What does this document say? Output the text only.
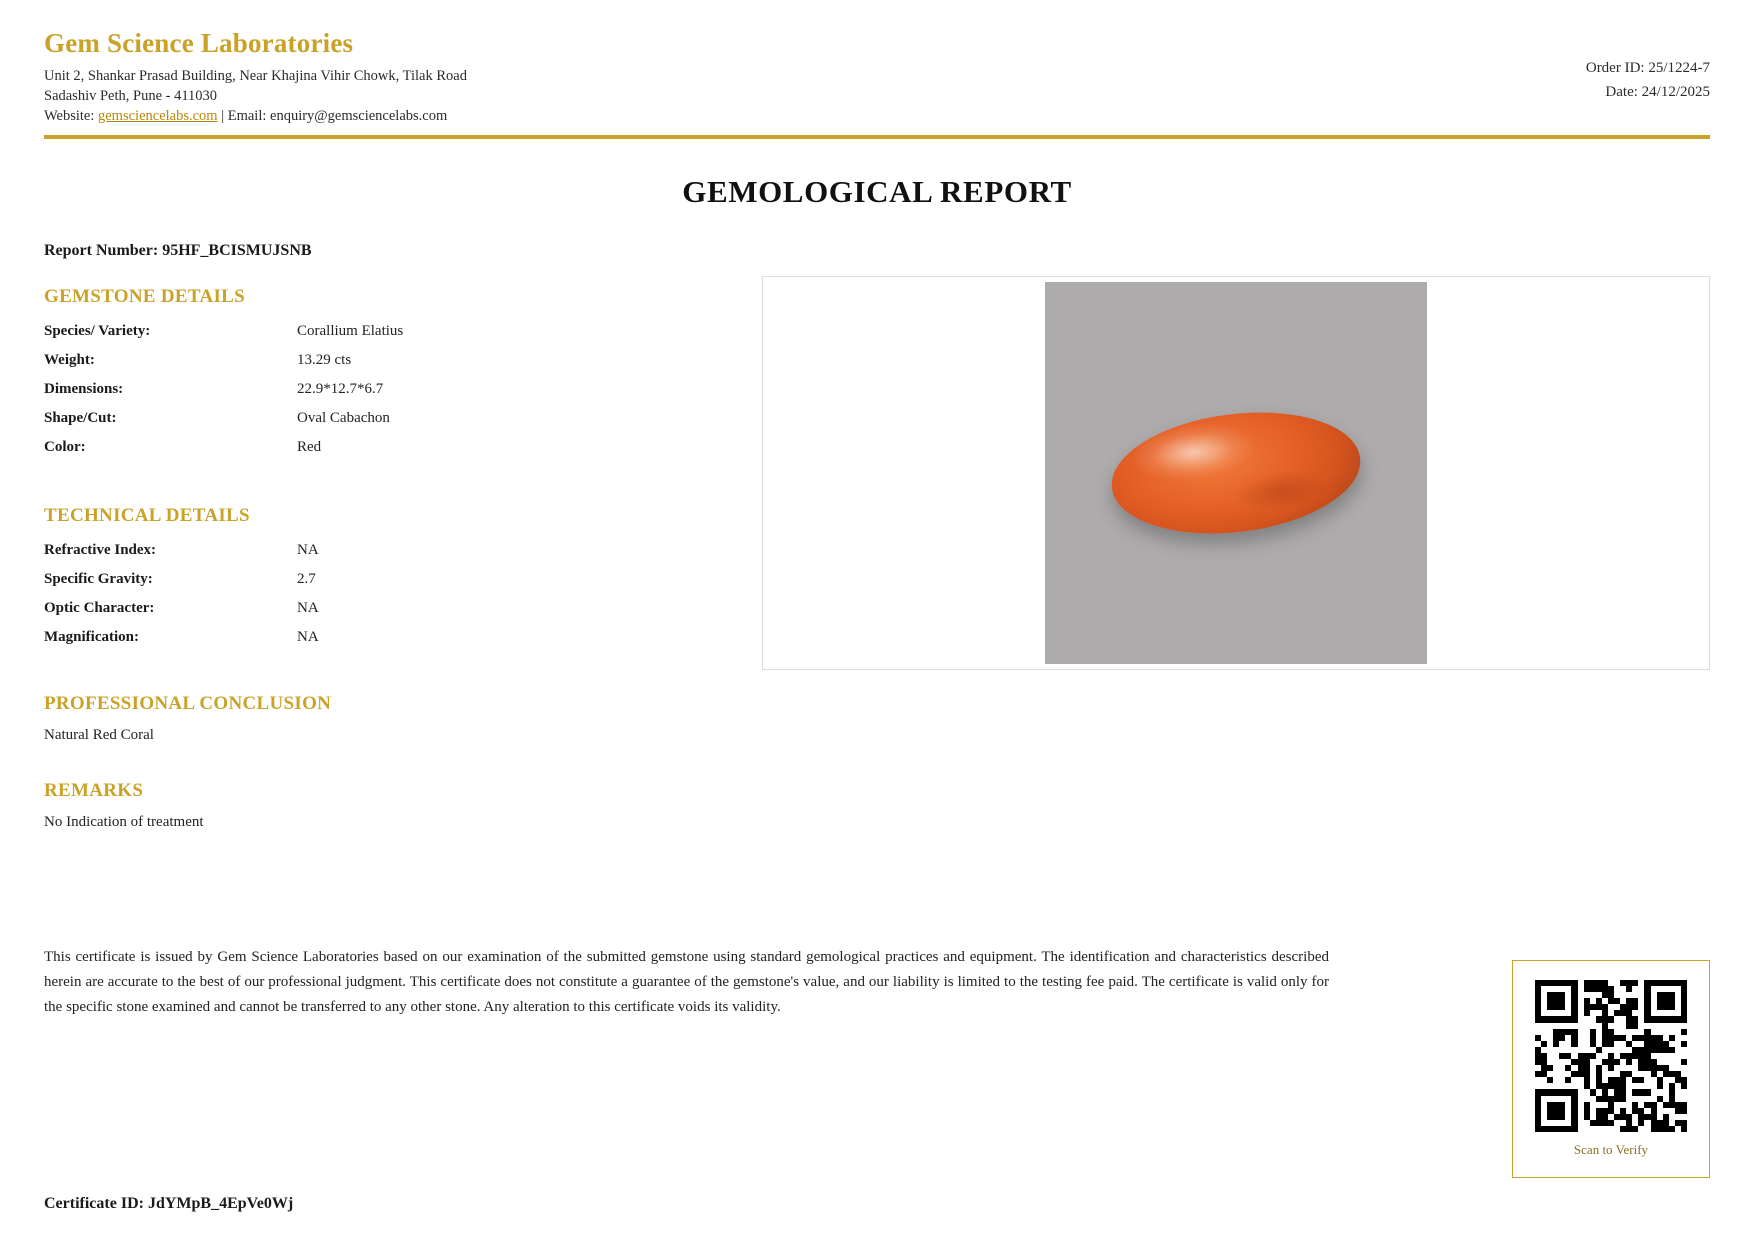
Gem Science Laboratories
Unit 2, Shankar Prasad Building, Near Khajina Vihir Chowk, Tilak Road
Sadashiv Peth, Pune - 411030
Website: gemsciencelabs.com | Email: enquiry@gemsciencelabs.com
Order ID: 25/1224-7
Date: 24/12/2025
GEMOLOGICAL REPORT
Report Number: 95HF_BCISMUJSNB
GEMSTONE DETAILS
Species/ Variety:	Corallium Elatius
Weight:	13.29 cts
Dimensions:	22.9*12.7*6.7
Shape/Cut:	Oval Cabachon
Color:	Red
TECHNICAL DETAILS
Refractive Index:	NA
Specific Gravity:	2.7
Optic Character:	NA
Magnification:	NA
PROFESSIONAL CONCLUSION
Natural Red Coral
REMARKS
No Indication of treatment
This certificate is issued by Gem Science Laboratories based on our examination of the submitted gemstone using standard gemological practices and equipment. The identification and characteristics described herein are accurate to the best of our professional judgment. This certificate does not constitute a guarantee of the gemstone's value, and our liability is limited to the testing fee paid. The certificate is valid only for the specific stone examined and cannot be transferred to any other stone. Any alteration to this certificate voids its validity.
Scan to Verify
Certificate ID: JdYMpB_4EpVe0Wj
